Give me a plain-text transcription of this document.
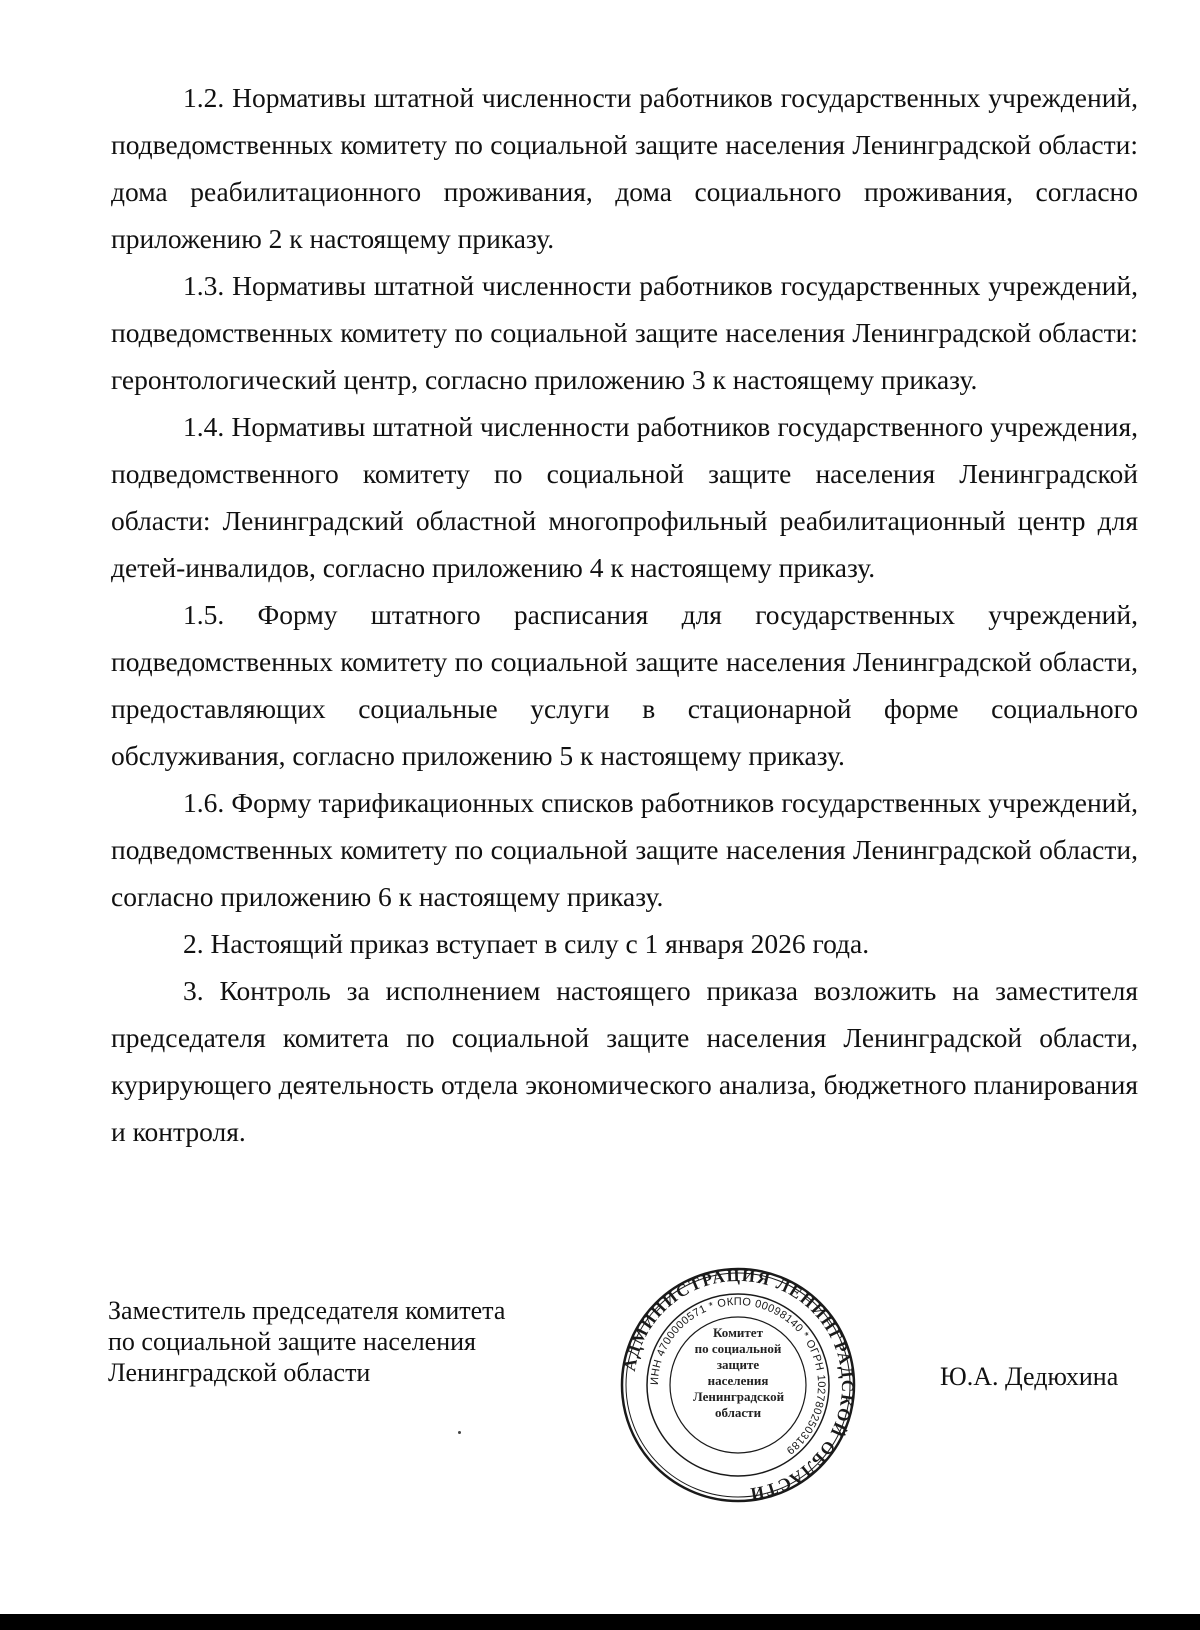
1.2. Нормативы штатной численности работников государственных учреждений, подведомственных комитету по социальной защите населения Ленинградской области: дома реабилитационного проживания, дома социального проживания, согласно приложению 2 к настоящему приказу.

1.3. Нормативы штатной численности работников государственных учреждений, подведомственных комитету по социальной защите населения Ленинградской области: геронтологический центр, согласно приложению 3 к настоящему приказу.

1.4. Нормативы штатной численности работников государственного учреждения, подведомственного комитету по социальной защите населения Ленинградской области: Ленинградский областной многопрофильный реабилитационный центр для детей-инвалидов, согласно приложению 4 к настоящему приказу.

1.5. Форму штатного расписания для государственных учреждений, подведомственных комитету по социальной защите населения Ленинградской области, предоставляющих социальные услуги в стационарной форме социального обслуживания, согласно приложению 5 к настоящему приказу.

1.6. Форму тарификационных списков работников государственных учреждений, подведомственных комитету по социальной защите населения Ленинградской области, согласно приложению 6 к настоящему приказу.

2. Настоящий приказ вступает в силу с 1 января 2026 года.

3. Контроль за исполнением настоящего приказа возложить на заместителя председателя комитета по социальной защите населения Ленинградской области, курирующего деятельность отдела экономического анализа, бюджетного планирования и контроля.

Заместитель председателя комитета
по социальной защите населения
Ленинградской области	АДМИНИСТРАЦИЯ ЛЕНИНГРАДСКОЙ ОБЛАСТИ
ИНН 4700000571 * ОКПО 00098140 * ОГРН 1027802503189
Комитет
по социальной
защите
населения
Ленинградской
области
Ю.А. Дедюхина
